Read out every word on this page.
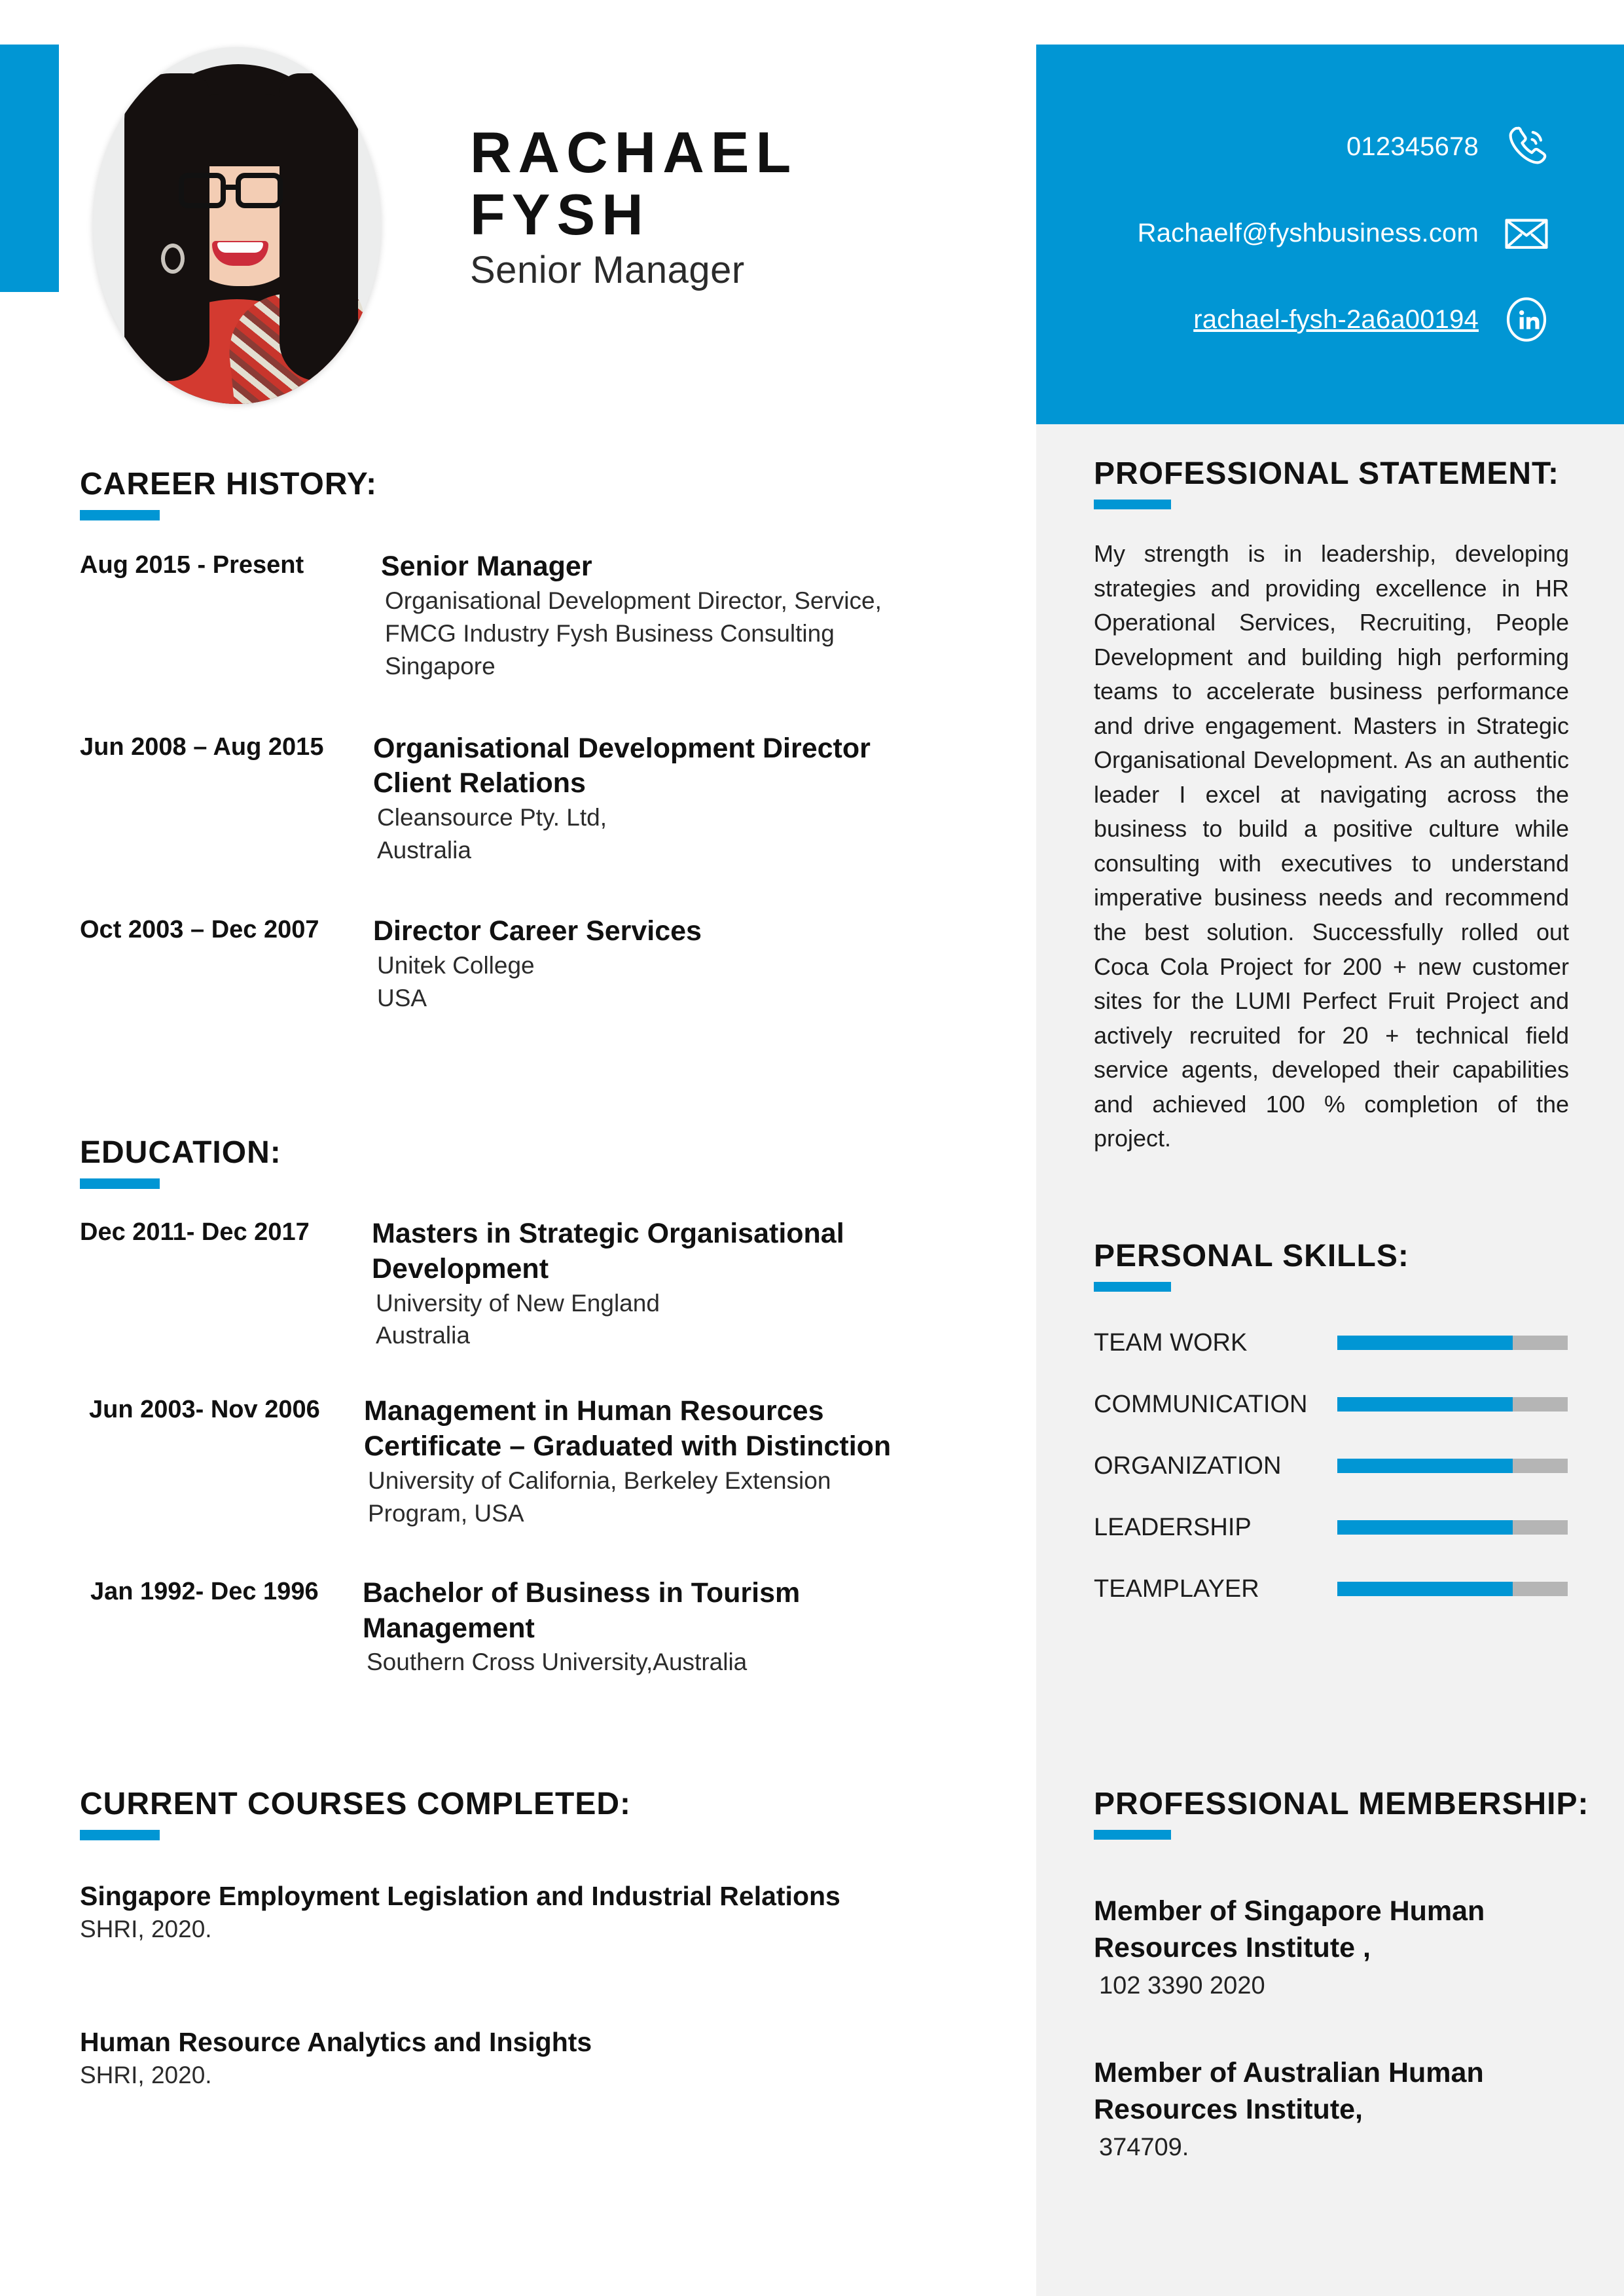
RACHAEL
FYSH
Senior Manager
012345678
Rachaelf@fyshbusiness.com
rachael-fysh-2a6a00194
CAREER HISTORY:
Aug 2015 - Present	Senior Manager
Organisational Development Director, Service,
FMCG Industry Fysh Business Consulting
Singapore
Jun 2008 – Aug 2015	Organisational Development Director Client Relations
Cleansource Pty. Ltd,
Australia
Oct 2003 – Dec 2007	Director Career Services
Unitek College
USA
EDUCATION:
Dec 2011- Dec 2017	Masters in Strategic Organisational Development
University of New England
Australia
Jun 2003- Nov 2006	Management in Human Resources Certificate – Graduated with Distinction
University of California, Berkeley Extension
Program, USA
Jan 1992- Dec 1996	Bachelor of Business in Tourism Management
Southern Cross University,Australia
CURRENT COURSES COMPLETED:
Singapore Employment Legislation and Industrial Relations
SHRI, 2020.
Human Resource Analytics and Insights
SHRI, 2020.
PROFESSIONAL STATEMENT:
My strength is in leadership, developing strategies and providing excellence in HR Operational Services, Recruiting, People Development and building high performing teams to accelerate business performance and drive engagement. Masters in Strategic Organisational Development. As an authentic leader I excel at navigating across the business to build a positive culture while consulting with executives to understand imperative business needs and recommend the best solution. Successfully rolled out Coca Cola Project for 200 + new customer sites for the LUMI Perfect Fruit Project and actively recruited for 20 + technical field service agents, developed their capabilities and achieved 100 % completion of the project.
PERSONAL SKILLS:
TEAM WORK
COMMUNICATION
ORGANIZATION
LEADERSHIP
TEAMPLAYER
PROFESSIONAL MEMBERSHIP:
Member of Singapore Human Resources Institute ,
102 3390 2020
Member of Australian Human Resources Institute,
374709.
